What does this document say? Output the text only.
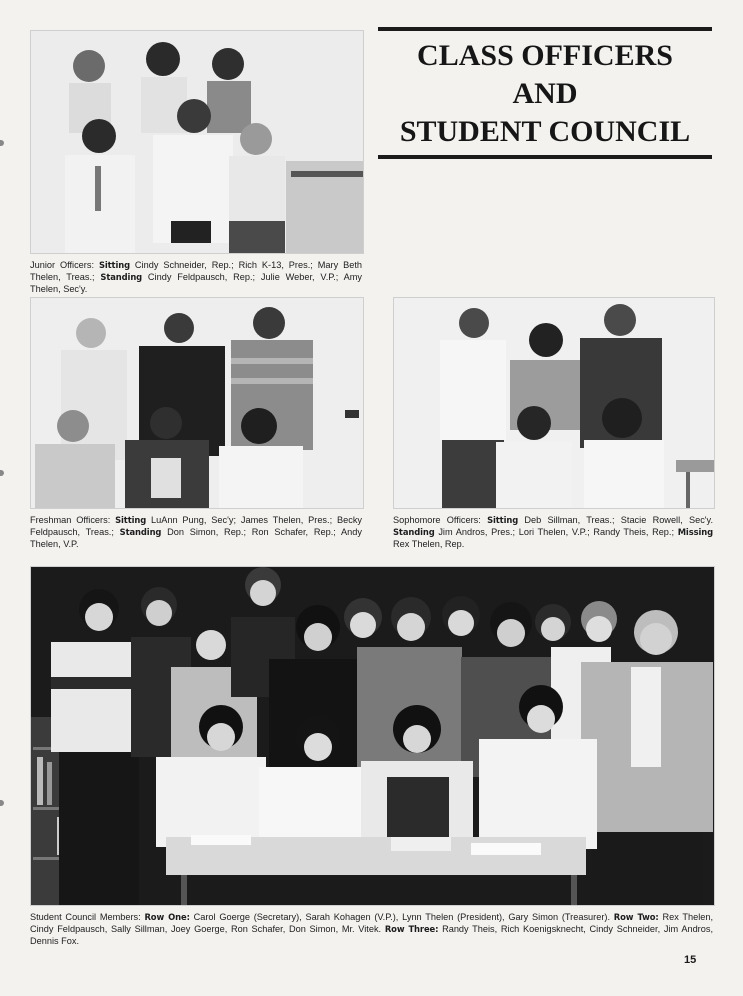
CLASS OFFICERS
AND
STUDENT COUNCIL
Junior Officers: Sitting Cindy Schneider, Rep.; Rich K-13, Pres.; Mary Beth Thelen, Treas.; Standing Cindy Feldpausch, Rep.; Julie Weber, V.P.; Amy Thelen, Sec'y.
Freshman Officers: Sitting LuAnn Pung, Sec'y; James Thelen, Pres.; Becky Feldpausch, Treas.; Standing Don Simon, Rep.; Ron Schafer, Rep.; Andy Thelen, V.P.
Sophomore Officers: Sitting Deb Sillman, Treas.; Stacie Rowell, Sec'y. Standing Jim Andros, Pres.; Lori Thelen, V.P.; Randy Theis, Rep.; Missing Rex Thelen, Rep.
Student Council Members: Row One: Carol Goerge (Secretary), Sarah Kohagen (V.P.), Lynn Thelen (President), Gary Simon (Treasurer). Row Two: Rex Thelen, Cindy Feldpausch, Sally Sillman, Joey Goerge, Ron Schafer, Don Simon, Mr. Vitek. Row Three: Randy Theis, Rich Koenigsknecht, Cindy Schneider, Jim Andros, Dennis Fox.
15
